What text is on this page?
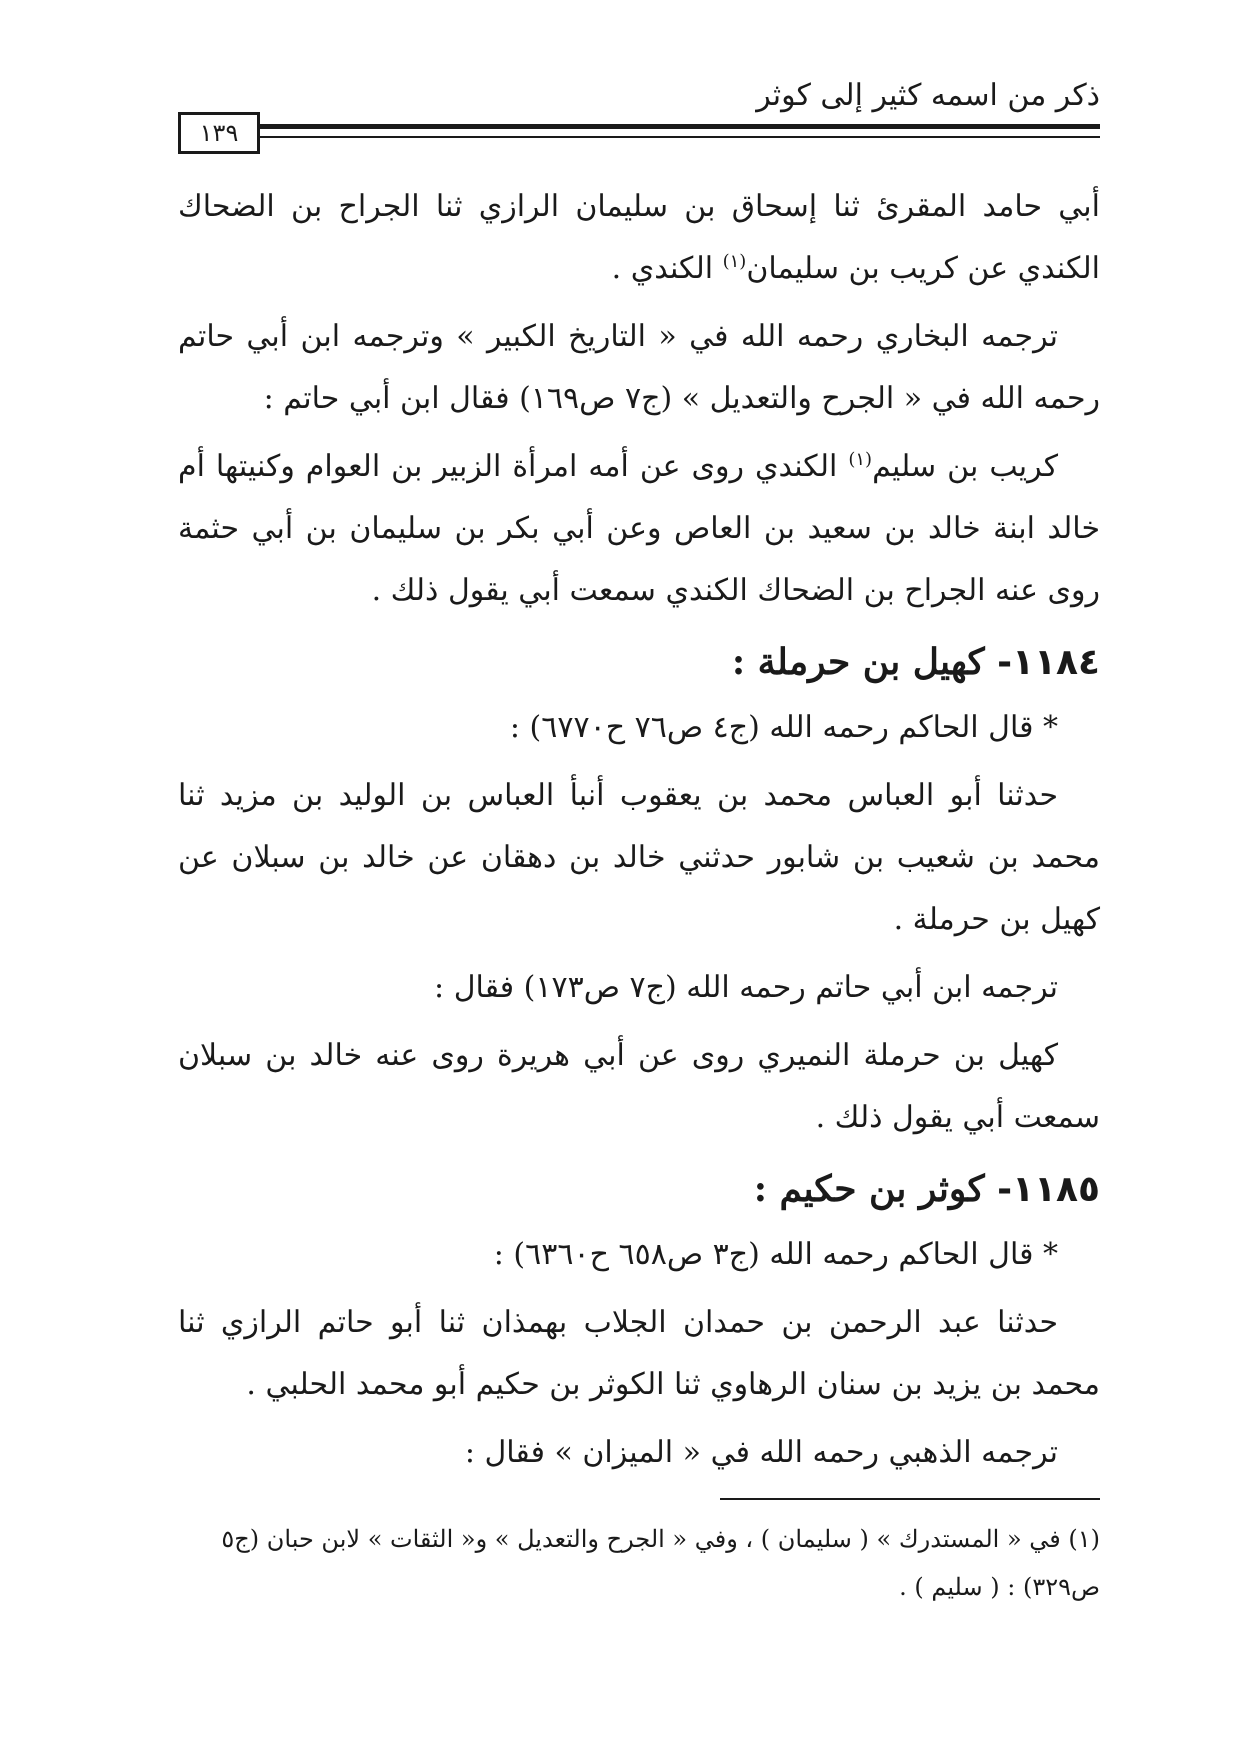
ذكر من اسمه كثير إلى كوثر
١٣٩

أبي حامد المقرئ ثنا إسحاق بن سليمان الرازي ثنا الجراح بن الضحاك الكندي عن كريب بن سليمان$^{(١)}$ الكندي .

ترجمه البخاري رحمه الله في « التاريخ الكبير » وترجمه ابن أبي حاتم رحمه الله في « الجرح والتعديل » (ج٧ ص١٦٩) فقال ابن أبي حاتم :

كريب بن سليم$^{(١)}$ الكندي روى عن أمه امرأة الزبير بن العوام وكنيتها أم خالد ابنة خالد بن سعيد بن العاص وعن أبي بكر بن سليمان بن أبي حثمة روى عنه الجراح بن الضحاك الكندي سمعت أبي يقول ذلك .

١١٨٤- كهيل بن حرملة :

* قال الحاكم رحمه الله (ج٤ ص٧٦ ح٦٧٧٠) :

حدثنا أبو العباس محمد بن يعقوب أنبأ العباس بن الوليد بن مزيد ثنا محمد بن شعيب بن شابور حدثني خالد بن دهقان عن خالد بن سبلان عن كهيل بن حرملة .

ترجمه ابن أبي حاتم رحمه الله (ج٧ ص١٧٣) فقال :

كهيل بن حرملة النميري روى عن أبي هريرة روى عنه خالد بن سبلان سمعت أبي يقول ذلك .

١١٨٥- كوثر بن حكيم :

* قال الحاكم رحمه الله (ج٣ ص٦٥٨ ح٦٣٦٠) :

حدثنا عبد الرحمن بن حمدان الجلاب بهمذان ثنا أبو حاتم الرازي ثنا محمد بن يزيد بن سنان الرهاوي ثنا الكوثر بن حكيم أبو محمد الحلبي .

ترجمه الذهبي رحمه الله في « الميزان » فقال :

(١) في « المستدرك » ( سليمان ) ، وفي « الجرح والتعديل » و« الثقات » لابن حبان (ج٥

ص٣٢٩) : ( سليم ) .
